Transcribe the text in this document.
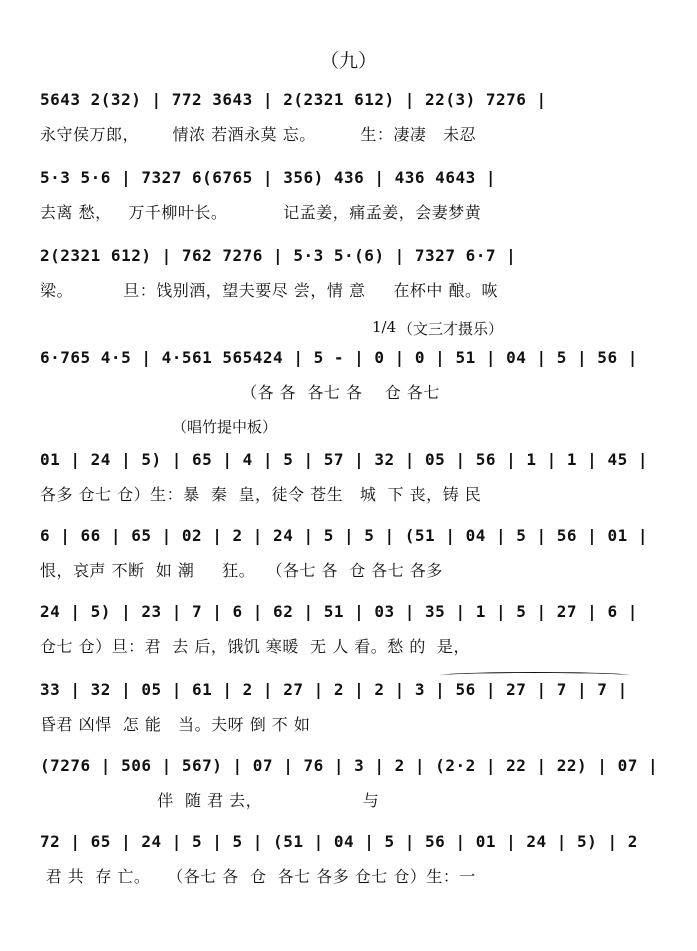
（九）
5643 2(32) | 772 3643 | 2(2321 612) | 22(3) 7276 |
永守侯万郎，      情浓 若酒永莫 忘。        生：凄凄   未忍
5·3 5·6 | 7327 6(6765 | 356) 436 | 436 4643 |
去离 愁，   万千柳叶长。          记孟姜，痛孟姜，会妻梦黄
2(2321 612) | 762 7276 | 5·3 5·(6) | 7327 6·7 |
梁。         旦：饯别酒，望夫要尽 尝，情 意     在杯中 酿。咴
1/4 （文三才摄乐）
6·765 4·5 | 4·561 565424 | 5 - | 0 | 0 | 51 | 04 | 5 | 56 |
（各 各  各七 各    仓 各七
（唱竹提中板）
01 | 24 | 5) | 65 | 4 | 5 | 57 | 32 | 05 | 56 | 1 | 1 | 45 |
各多 仓七 仓）生：暴  秦  皇，徒令 苍生   城  下 丧，铸 民
6 | 66 | 65 | 02 | 2 | 24 | 5 | 5 | (51 | 04 | 5 | 56 | 01 |
恨，哀声 不断  如 潮     狂。  （各七 各  仓 各七 各多
24 | 5) | 23 | 7 | 6 | 62 | 51 | 03 | 35 | 1 | 5 | 27 | 6 |
仓七 仓）旦：君  去 后，饿饥 寒暖  无 人 看。愁 的  是，
33 | 32 | 05 | 61 | 2 | 27 | 2 | 2 | 3 | 56 | 27 | 7 | 7 |
昏君 凶悍  怎 能   当。夫呀 倒 不 如
(7276 | 506 | 567) | 07 | 76 | 3 | 2 | (2·2 | 22 | 22) | 07 |
伴  随 君 去，                  与
72 | 65 | 24 | 5 | 5 | (51 | 04 | 5 | 56 | 01 | 24 | 5) | 2
君 共  存 亡。   （各七 各  仓  各七 各多 仓七 仓）生：一
